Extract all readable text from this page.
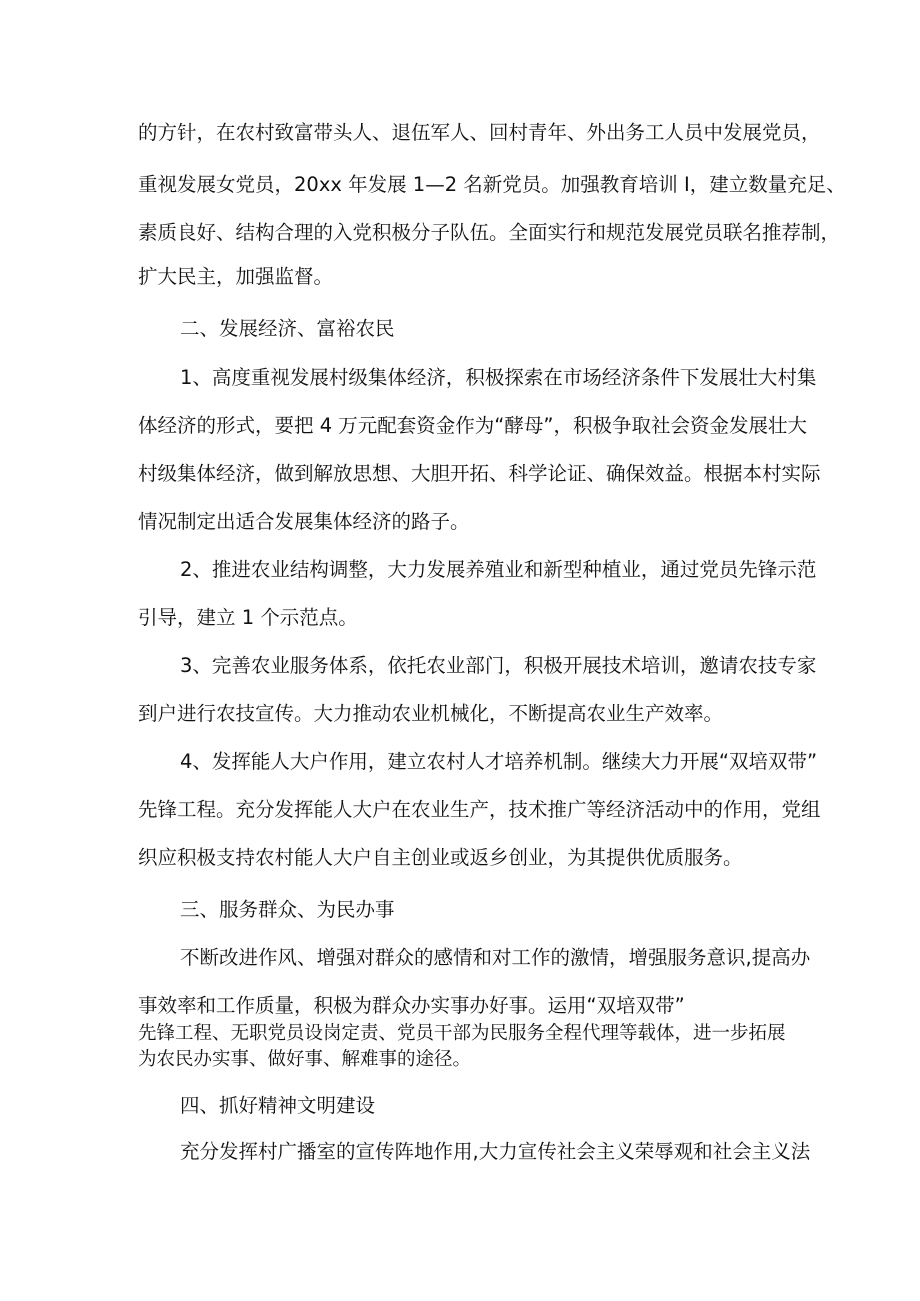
的方针，在农村致富带头人、退伍军人、回村青年、外出务工人员中发展党员，
重视发展女党员，20xx 年发展 1—2 名新党员。加强教育培训 I，建立数量充足、
素质良好、结构合理的入党积极分子队伍。全面实行和规范发展党员联名推荐制，
扩大民主，加强监督。
二、发展经济、富裕农民
1、高度重视发展村级集体经济，积极探索在市场经济条件下发展壮大村集
体经济的形式，要把 4 万元配套资金作为“酵母”，积极争取社会资金发展壮大
村级集体经济，做到解放思想、大胆开拓、科学论证、确保效益。根据本村实际
情况制定出适合发展集体经济的路子。
2、推进农业结构调整，大力发展养殖业和新型种植业，通过党员先锋示范
引导，建立 1 个示范点。
3、完善农业服务体系，依托农业部门，积极开展技术培训，邀请农技专家
到户进行农技宣传。大力推动农业机械化，不断提高农业生产效率。
4、发挥能人大户作用，建立农村人才培养机制。继续大力开展“双培双带”
先锋工程。充分发挥能人大户在农业生产，技术推广等经济活动中的作用，党组
织应积极支持农村能人大户自主创业或返乡创业，为其提供优质服务。
三、服务群众、为民办事
不断改进作风、增强对群众的感情和对工作的激情，增强服务意识,提高办
事效率和工作质量，积极为群众办实事办好事。运用“双培双带”
先锋工程、无职党员设岗定责、党员干部为民服务全程代理等载体，进一步拓展
为农民办实事、做好事、解难事的途径。
四、抓好精神文明建设
充分发挥村广播室的宣传阵地作用,大力宣传社会主义荣辱观和社会主义法
